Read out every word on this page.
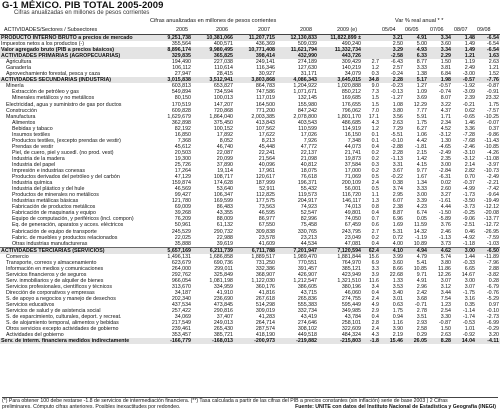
G-1 MÉXICO. PIB TOTAL 2005-2009
Cifras anualizadas en millones de pesos corrientes
Cifras anualizadas en millones de pesos corrientes	Var % real anual * *
ACTIVIDADES/Sectores / Subsectores	2005	2006	2007	2008	2009 (e)	05/04 06/05 07/06 08/07 09/08
PRODUCTO INTERNO BRUTO a precios de mercado	9,251,738	10,381,066	11,207,715	12,130,833	11,822,899 ±		3.21	4.91	3.34	1.48	-6.54
Impuestos netos a los productos (-)	355,564	400,571	436,369	509,039	490,240		2.50	5.00	3.60	1.49	-6.54
Valor agregado bruto (PIB a precios básicos)	8,896,174	9,980,495	10,771,408	11,621,794	11,332,734		3.29	4.93	3.34	1.49	-6.54
ACTIVIDADES PRIMARIAS (AGROPECUARIAS)	329,835	365,825	398,414	432,990	443,726		-2.58	6.33	2.29	1.21	1.63
Agricultura	194,490	227,038	249,141	274,189	309,429	2.7	-6.43	8.77	1.50	1.19	2.63
Ganadería	106,112	110,614	116,346	127,630	140,219	1.2	2.57	3.33	3.81	2.49	1.21
Aprovechamiento forestal, pesca y caza	27,947	28,415	30,927	31,171	34,079	0.3	-0.24	1.38	6.84	-3.00	1.52
ACTIVIDADES SECUNDARIAS (INDUSTRIA)	3,015,838	3,512,941	3,803,868	4,086,343	3,645,015	34.8	2.28	5.17	1.98	-0.57	-7.76
Minería	603,813	653,827	864,783	1,204,922	1,020,888	9.0	-0.23	1.27	-0.57	-1.92	-0.87
Extracción de petróleo y gas	549,894	734,594	747,586	1,071,671	850,212	7.3	-0.13	1.09	-0.74	-3.09	-0.91
Minerales metálicos y no metálicos	80,150	100,013	117,019	132,145	169,685	1.5	-1.27	3.69	8.07	2.39	23.32
Electricidad, agua y suministro de gas por ductos	170,519	147,207	164,500	155,980	176,655	1.5	1.08	12.29	3.22	-0.21	1.75
Construcción	609,828	720,868	771,200	847,242	796,062	7.0	3.80	7.77	4.37	0.62	-7.57
Manufactura	1,629,679	1,864,040	2,003,385	2,078,800	1,801,170	17.1	3.56	5.91	1.71	-0.65	-10.25
Alimentos	362,898	375,450	413,843	403,543	486,685	4.3	2.63	1.75	2.34	1.46	-0.07
Bebidas y tabaco	82,192	100,152	107,562	110,599	114,919	1.2	7.29	6.27	4.52	3.36	0.37
Insumos textiles	16,850	17,892	17,622	17,026	16,150	0.1	-5.51	1.06	-3.12	-7.28	-9.86
Productos textiles, (excepto prendas de vestir)	7,368	8,052	8,213	7,926	7,348	0.1	-0.10	4.42	1.30	-7.68	-11.43
Prendas de vestir	45,612	46,740	45,448	47,772	44,073	0.4	-2.88	-1.81	-4.65	-2.46	-10.85
Piel, de cuero, piel y sucedl. (no prod. vest)	20,503	22,087	22,241	22,137	21,741	0.2	2.28	2.15	-2.49	-3.10	-4.26
Industria de la madera	19,300	20,099	21,564	21,098	19,873	0.2	-1.13	1.42	2.35	-3.12	-11.08
Industria del papel	25,726	37,890	40,096	40,812	37,584	0.3	3.31	4.15	3.00	2.14	-3.97
Impresión e industrias conexas	17,264	19,114	17,961	18,075	17,000	0.2	3.67	9.77	-2.84	2.82	-10.73
Productos derivados del petróleo y del carbón	47,129	108,717	120,617	76,618	71,069	0.5	-0.22	1.67	-6.31	0.70	-2.49
Industria química	159,874	174,628	187,999	196,371	200,109	2.4	0.38	1.34	0.02	-0.37	-2.21
Industria del plástico y del hule	46,569	53,640	52,911	55,432	56,001	0.5	3.74	3.33	2.60	-4.99	-7.42
Productos de minerales no metálicos	99,427	106,347	112,825	119,573	116,720	1.1	2.95	3.00	3.27	-1.73	-9.64
Industrias metálicas básicas	121,780	169,599	177,575	204,917	146,117	1.3	6.07	3.39	-1.61	-3.50	-19.49
Fabricación de productos metálicos	69,009	86,483	73,563	74,923	74,013	0.8	2.38	4.23	4.44	-3.73	-12.12
Fabricación de maquinaria y equipo	39,268	43,355	46,595	52,547	49,801	0.4	8.87	6.74	-1.50	-0.25	-20.08
Equipo de computación, y periféricos (incl. compon)	76,209	88,009	86,977	82,996	74,050	0.7	6.96	0.05	-5.89	-9.06	-13.77
Eq. de generación, aparatos y acces. eléctricos	50,961	61,132	67,550	75,458	67,459	0.6	1.69	11.59	3.76	-2.51	-12.72
Fabricación de equipo de transporte	245,529	290,732	309,838	330,765	243,795	2.7	5.31	14.32	2.46	0.46	-26.95
Fabric. de muebles y productos relacionados	22,025	22,988	23,578	23,213	23,049	0.2	0.72	-1.19	-1.13	-4.92	-7.59
Otras industrias manufactureras	35,888	39,619	41,609	44,534	47,081	0.4	4.00	10.89	3.73	-1.18	-1.03
ACTIVIDADES TERCIARIAS (SERVICIOS)	5,657,169	6,211,739	6,711,788	7,201,947	7,120,594	62.4	4.10	4.94	4.62	3.00	-6.50
Comercio	1,496,131	1,686,858	1,889,517	1,989,470	1,881,844	15.6	3.99	4.79	5.74	1.44	-11.89
Transporte, correos y almacenamiento	623,679	690,736	731,250	770,551	764,970	6.9	3.60	5.41	3.80	-0.33	-7.96
Información en medios y comunicaciones	264,000	299,011	332,386	391,457	385,121	3.3	8.66	10.85	11.86	6.65	2.88
Servicios financieros y de seguros	292,762	325,849	368,907	426,907	423,949	3.9	22.68	9.71	12.26	14.67	-3.82
Serv. inmobiliarios y de alquiler de bienes	966,054	1,081,198	1,122,030	1,212,547	1,321,510	11.6	1.33	4.91	3.07	3.00	0.28
Servicios profesionales, científicos y técnicos	313,670	334,959	360,176	386,605	380,196	3.4	3.53	2.96	3.12	3.07	-6.79
Dirección de corporativos y empresas	34,187	41,910	41,816	43,715	46,060	0.4	3.40	2.42	3.44	-1.75	-0.76
S. de apoyo a negocios y manejo de desechos	202,340	236,690	267,618	265,836	274,755	2.4	3.01	3.68	7.54	3.16	-5.29
Servicios educativos	437,534	473,845	514,298	555,383	595,449	4.9	0.63	-0.71	1.23	0.35	0.97
Servicios de salud y de asistencia social	257,422	290,816	309,019	332,734	349,985	2.9	1.75	2.78	2.54	-1.14	-0.10
S. de esparcimiento, culturales, deport. y recreat.	34,069	37,407	41,283	43,419	43,784	0.4	0.94	3.51	3.30	-1.74	-2.73
S. de alojamiento temporal, alimentos y bebidas	217,549	249,013	264,714	274,646	258,101	2.8	1.16	2.93	-0.87	-0.53	-6.99
Otros servicios excepto actividades de gobierno	239,461	265,430	287,574	308,102	322,609	2.4	3.90	2.58	1.50	1.01	-0.29
Actividades del gobierno	353,457	385,721	418,190	449,518	484,324	4.3	2.19	0.29	2.63	-0.92	3.20
Serv. de interm. financiera medidos indirectamente	-166,779	-168,013	-200,973	-219,882	-215,803	-1.8	15.46	26.05	8.28	14.04	-4.11
(*) Para obtener 100 debe restarse -1.8 de servicios de intermediación financiera. (**) Tasa calculada a partir de las cifras del PIB a precios constantes (sin inflación) serie de base 2003 ) 2 Cifras
preliminares. Cómputo cifras anteriores. Posibles inexactitudes por redondeo.	Fuente: UNITE con datos del Instituto Nacional de Estadística y Geografía (INEGI)
